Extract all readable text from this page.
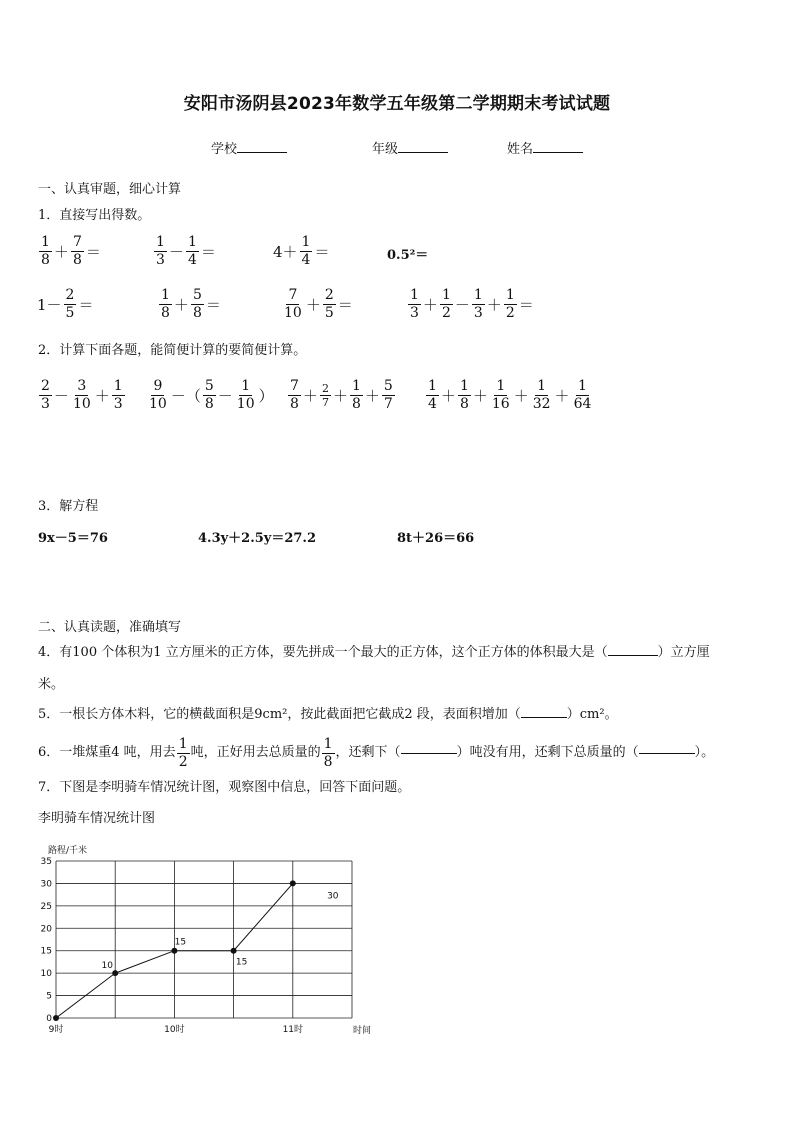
安阳市汤阴县2023年数学五年级第二学期期末考试试题
学校	年级	姓名
一、认真审题，细心计算
1．直接写出得数。
$\frac{1}{8} + \frac{7}{8}$ ＝	$\frac{1}{3} - \frac{1}{4}$ ＝	$4+ \frac{1}{4}$ ＝	0.5²＝
$1- \frac{2}{5}$ ＝	$\frac{1}{8} + \frac{5}{8}$ ＝	$\frac{7}{10} + \frac{2}{5}$ ＝	$\frac{1}{3} + \frac{1}{2} - \frac{1}{3} + \frac{1}{2}$ ＝
2．计算下面各题，能简便计算的要简便计算。
$\frac{2}{3} - \frac{3}{10} + \frac{1}{3} \frac{9}{10}$ －（ $\frac{5}{8} - \frac{1}{10}$ ） $\frac{7}{8} + \frac{2}{7} + \frac{1}{8} + \frac{5}{7} \frac{1}{4} + \frac{1}{8} + \frac{1}{16} + \frac{1}{32} + \frac{1}{64}$
3．解方程
9x－5＝76	4.3y＋2.5y＝27.2	8t＋26＝66
二、认真读题，准确填写
4．有100 个体积为1 立方厘米的正方体，要先拼成一个最大的正方体，这个正方体的体积最大是（	）立方厘
米。
5．一根长方体木料，它的横截面积是9cm²，按此截面把它截成2 段，表面积增加（	）cm²。
6．一堆煤重4 吨，用去 $\frac{1}{2}$ 吨，正好用去总质量的 $\frac{1}{8}$ ，还剩下（	）吨没有用，还剩下总质量的（	）。
7．下图是李明骑车情况统计图，观察图中信息，回答下面问题。
李明骑车情况统计图
0
5
10
15
20
25
30
35
9时	10时	11时
路程/千米
时间
10
15
15
30
